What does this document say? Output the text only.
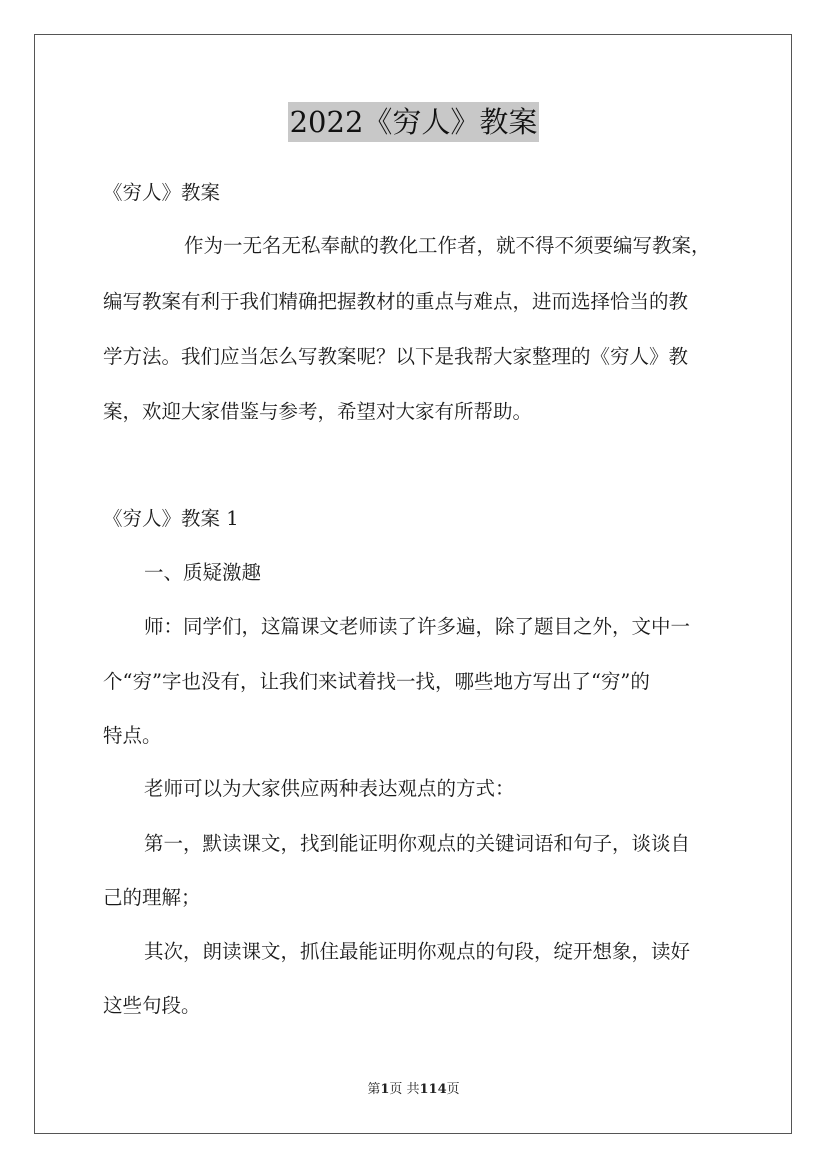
2022《穷人》教案
《穷人》教案
作为一无名无私奉献的教化工作者，就不得不须要编写教案，
编写教案有利于我们精确把握教材的重点与难点，进而选择恰当的教
学方法。我们应当怎么写教案呢？以下是我帮大家整理的《穷人》教
案，欢迎大家借鉴与参考，希望对大家有所帮助。
《穷人》教案 1
一、质疑激趣
师：同学们，这篇课文老师读了许多遍，除了题目之外，文中一
个“穷”字也没有，让我们来试着找一找，哪些地方写出了“穷”的
特点。
老师可以为大家供应两种表达观点的方式：
第一，默读课文，找到能证明你观点的关键词语和句子，谈谈自
己的理解；
其次，朗读课文，抓住最能证明你观点的句段，绽开想象，读好
这些句段。
第1页 共114页
